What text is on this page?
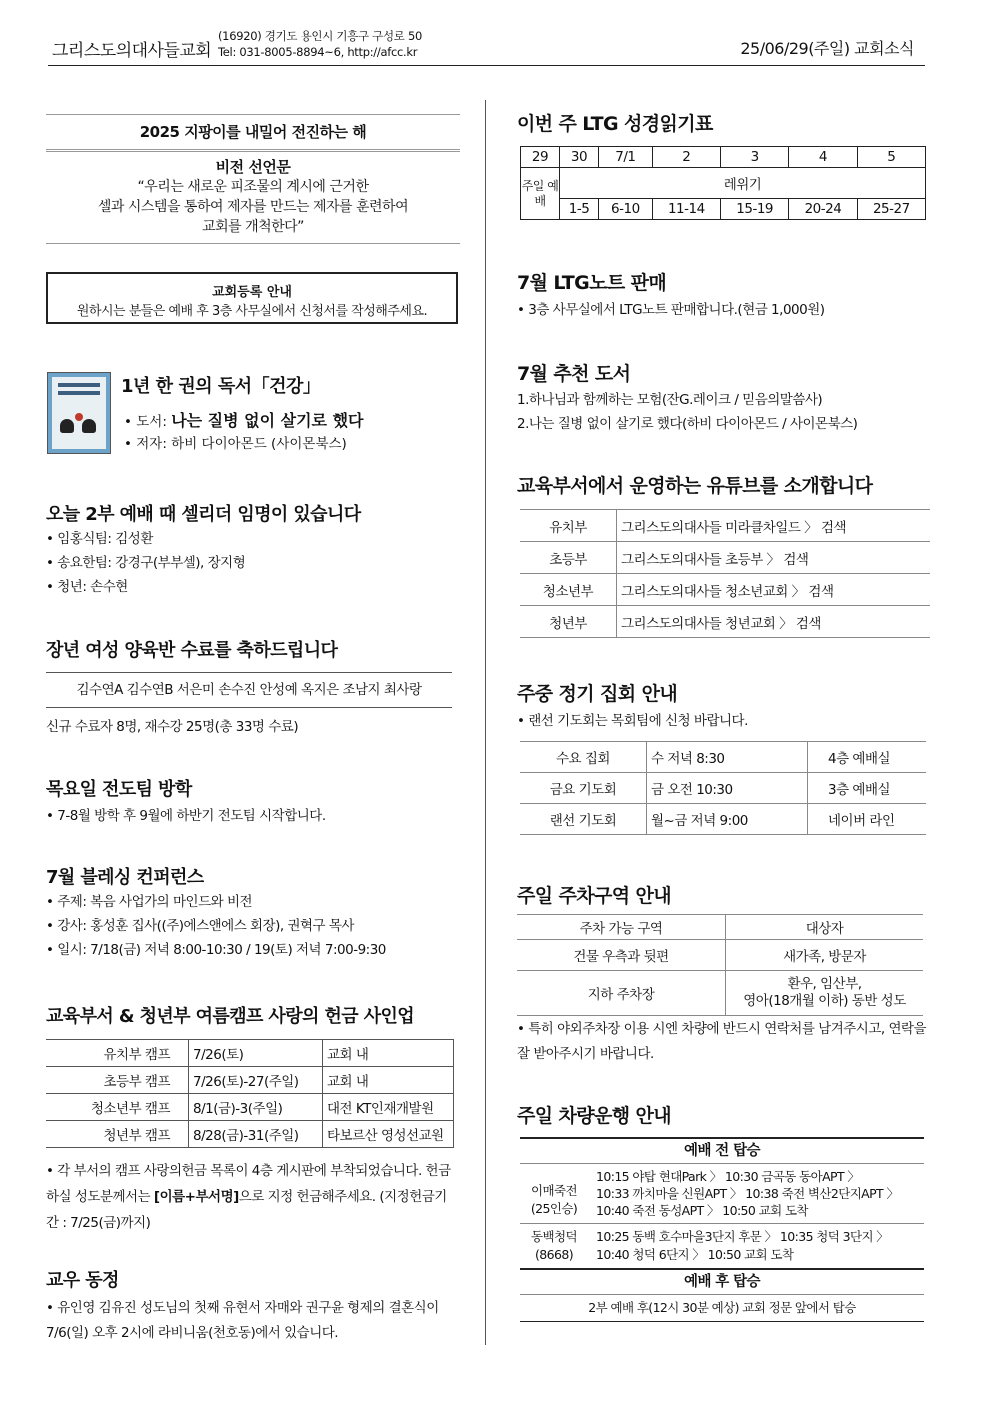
그리스도의대사들교회
(16920) 경기도 용인시 기흥구 구성로 50
Tel: 031-8005-8894~6, http://afcc.kr	25/06/29(주일) 교회소식
2025 지팡이를 내밀어 전진하는 해
비전 선언문
“우리는 새로운 피조물의 계시에 근거한
셀과 시스템을 통하여 제자를 만드는 제자를 훈련하여
교회를 개척한다”
교회등록 안내
원하시는 분들은 예배 후 3층 사무실에서 신청서를 작성해주세요.
1년 한 권의 독서「건강」
• 도서: 나는 질병 없이 살기로 했다
• 저자: 하비 다이아몬드 (사이몬북스)
오늘 2부 예배 때 셀리더 임명이 있습니다
• 임홍식팀: 김성환
• 송요한팀: 강경구(부부셀), 장지형
• 청년: 손수현
장년 여성 양육반 수료를 축하드립니다
김수연A 김수연B 서은미 손수진 안성예 옥지은 조남지 최사랑
신규 수료자 8명, 재수강 25명(총 33명 수료)
목요일 전도팀 방학
• 7-8월 방학 후 9월에 하반기 전도팀 시작합니다.
7월 블레싱 컨퍼런스
• 주제: 복음 사업가의 마인드와 비전
• 강사: 홍성훈 집사((주)에스앤에스 회장), 권혁구 목사
• 일시: 7/18(금) 저녁 8:00-10:30 / 19(토) 저녁 7:00-9:30
교육부서 & 청년부 여름캠프 사랑의 헌금 사인업
유치부 캠프	7/26(토)	교회 내
초등부 캠프	7/26(토)-27(주일)	교회 내
청소년부 캠프	8/1(금)-3(주일)	대전 KT인재개발원
청년부 캠프	8/28(금)-31(주일)	타보르산 영성선교원
• 각 부서의 캠프 사랑의헌금 목록이 4층 게시판에 부착되었습니다. 헌금하실 성도분께서는 [이름+부서명]으로 지정 헌금해주세요. (지정헌금기간 : 7/25(금)까지)
교우 동정
• 유인영 김유진 성도님의 첫째 유현서 자매와 권구윤 형제의 결혼식이 7/6(일) 오후 2시에 라비니움(천호동)에서 있습니다.
이번 주 LTG 성경읽기표
29	30	7/1	2	3	4	5
주일 예배	레위기					
	1-5	6-10	11-14	15-19	20-24	25-27
7월 LTG노트 판매
• 3층 사무실에서 LTG노트 판매합니다.(현금 1,000원)
7월 추천 도서
1.하나님과 함께하는 모험(잔G.레이크 / 믿음의말씀사)
2.나는 질병 없이 살기로 했다(하비 다이아몬드 / 사이몬북스)
교육부서에서 운영하는 유튜브를 소개합니다
유치부	그리스도의대사들 미라클차일드 〉 검색
초등부	그리스도의대사들 초등부 〉 검색
청소년부	그리스도의대사들 청소년교회 〉 검색
청년부	그리스도의대사들 청년교회 〉 검색
주중 정기 집회 안내
• 랜선 기도회는 목회팀에 신청 바랍니다.
수요 집회	수 저녁 8:30	4층 예배실
금요 기도회	금 오전 10:30	3층 예배실
랜선 기도회	월~금 저녁 9:00	네이버 라인
주일 주차구역 안내
주차 가능 구역	대상자
건물 우측과 뒷편	새가족, 방문자
지하 주차장	환우, 임산부,
영아(18개월 이하) 동반 성도
• 특히 야외주차장 이용 시엔 차량에 반드시 연락처를 남겨주시고, 연락을 잘 받아주시기 바랍니다.
주일 차량운행 안내
예배 전 탑승
이매죽전
(25인승)
10:15 야탑 현대Park 〉 10:30 금곡동 동아APT 〉
10:33 까치마을 신원APT 〉 10:38 죽전 벽산2단지APT 〉
10:40 죽전 동성APT 〉 10:50 교회 도착
동백청덕
(8668)
10:25 동백 호수마을3단지 후문 〉 10:35 청덕 3단지 〉
10:40 청덕 6단지 〉 10:50 교회 도착
예배 후 탑승
2부 예배 후(12시 30분 예상) 교회 정문 앞에서 탑승
